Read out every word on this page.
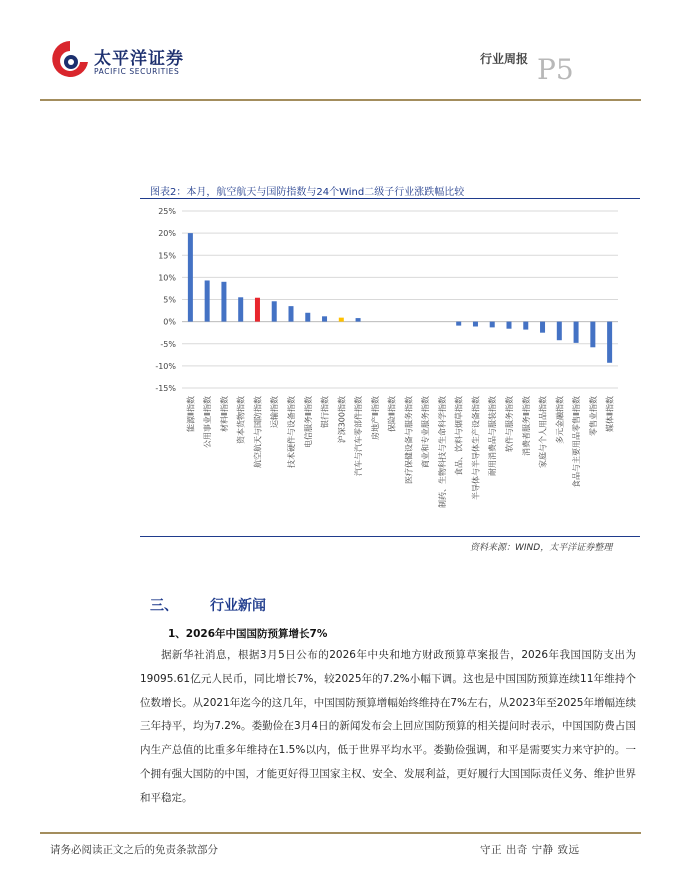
太平洋证券
PACIFIC SECURITIES
行业周报 P5
图表2：本月，航空航天与国防指数与24个Wind二级子行业涨跌幅比较
25%
20%
15%
10%
5%
0%
-5%
-10%
-15%
能源Ⅱ指数 公用事业Ⅱ指数 材料Ⅱ指数 资本货物指数 航空航天与国防指数 运输指数 技术硬件与设备指数 电信服务Ⅱ指数 银行指数 沪深300指数 汽车与汽车零部件指数 房地产Ⅱ指数 保险Ⅱ指数 医疗保健设备与服务指数 商业和专业服务指数 制药、生物科技与生命科学指数 食品、饮料与烟草指数 半导体与半导体生产设备指数 耐用消费品与服装指数 软件与服务指数 消费者服务Ⅱ指数 家庭与个人用品指数 多元金融指数 食品与主要用品零售Ⅱ指数 零售业指数 媒体Ⅱ指数
资料来源：WIND，太平洋证券整理
三、 行业新闻
1、2026年中国国防预算增长7%

据新华社消息，根据3月5日公布的2026年中央和地方财政预算草案报告，2026年我国国防支出为19095.61亿元人民币，同比增长7%，较2025年的7.2%小幅下调。这也是中国国防预算连续11年维持个位数增长。从2021年迄今的这几年，中国国防预算增幅始终维持在7%左右，从2023年至2025年增幅连续三年持平，均为7.2%。娄勤俭在3月4日的新闻发布会上回应国防预算的相关提问时表示，中国国防费占国内生产总值的比重多年维持在1.5%以内，低于世界平均水平。娄勤俭强调，和平是需要实力来守护的。一个拥有强大国防的中国，才能更好得卫国家主权、安全、发展利益，更好履行大国国际责任义务、维护世界和平稳定。

请务必阅读正文之后的免责条款部分	守正 出奇 宁静 致远
